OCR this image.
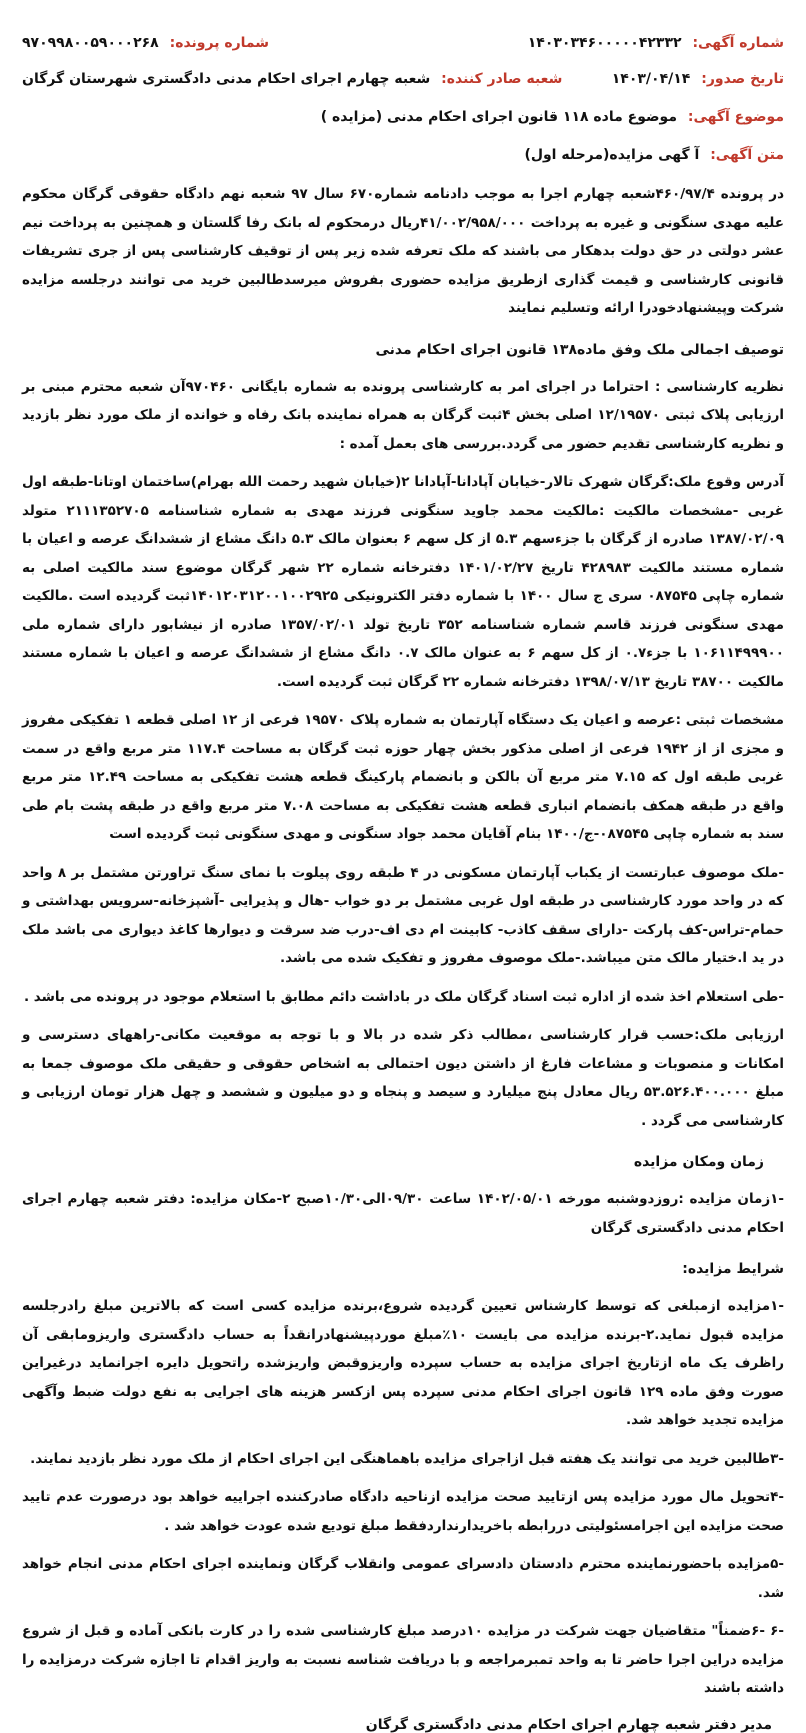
شماره آگهی: ۱۴۰۳۰۳۴۶۰۰۰۰۰۴۲۳۳۲
شماره پرونده: ۹۷۰۹۹۸۰۰۵۹۰۰۰۲۶۸
تاریخ صدور: ۱۴۰۳/۰۴/۱۴
شعبه صادر کننده: شعبه چهارم اجرای احکام مدنی دادگستری شهرستان گرگان
موضوع آگهی: موضوع ماده ۱۱۸ قانون اجرای احکام مدنی (مزایده )
متن آگهی: آ گهی مزایده(مرحله اول)

در پرونده ۴۶۰/۹۷/۴شعبه چهارم اجرا به موجب دادنامه شماره۶۷۰ سال ۹۷ شعبه نهم دادگاه حقوقی گرگان محکوم علیه مهدی سنگونی و غیره به پرداخت ۴۱/۰۰۲/۹۵۸/۰۰۰ریال درمحکوم له بانک رفا گلستان و همچنین به پرداخت نیم عشر دولتی در حق دولت بدهکار می باشند که ملک تعرفه شده زیر پس از توقیف کارشناسی پس از جری تشریفات قانونی کارشناسی و قیمت گذاری ازطریق مزایده حضوری بفروش میرسدطالبین خرید می توانند درجلسه مزایده شرکت وپیشنهادخودرا ارائه وتسلیم نمایند

توصیف اجمالی ملک وفق ماده۱۳۸ قانون اجرای احکام مدنی

نظریه کارشناسی : احتراما در اجرای امر به کارشناسی پرونده به شماره بایگانی ۹۷۰۴۶۰آن شعبه محترم مبنی بر ارزیابی پلاک ثبتی ۱۲/۱۹۵۷۰ اصلی بخش ۴ثبت گرگان به همراه نماینده بانک رفاه و خوانده از ملک مورد نظر بازدید و نظریه کارشناسی تقدیم حضور می گردد.بررسی های بعمل آمده :

آدرس وقوع ملک:گرگان شهرک تالار-خیابان آپادانا-آپادانا ۲(خیابان شهید رحمت الله بهرام)ساختمان اوتانا-طبقه اول غربی -مشخصات مالکیت :مالکیت محمد جاوید سنگونی فرزند مهدی به شماره شناسنامه ۲۱۱۱۳۵۲۷۰۵ متولد ۱۳۸۷/۰۲/۰۹ صادره از گرگان با جزءسهم ۵.۳ از کل سهم ۶ بعنوان مالک ۵.۳ دانگ مشاع از ششدانگ عرصه و اعیان با شماره مستند مالکیت ۴۲۸۹۸۳ تاریخ ۱۴۰۱/۰۲/۲۷ دفترخانه شماره ۲۲ شهر گرگان موضوع سند مالکیت اصلی به شماره چاپی ۰۸۷۵۴۵ سری ج سال ۱۴۰۰ با شماره دفتر الکترونیکی ۱۴۰۱۲۰۳۱۲۰۰۱۰۰۲۹۲۵ثبت گردیده است .مالکیت مهدی سنگونی فرزند قاسم شماره شناسنامه ۳۵۲ تاریخ تولد ۱۳۵۷/۰۲/۰۱ صادره از نیشابور دارای شماره ملی ۱۰۶۱۱۴۹۹۹۰۰ با جزء۰.۷ از کل سهم ۶ به عنوان مالک ۰.۷ دانگ مشاع از ششدانگ عرصه و اعیان با شماره مستند مالکیت ۳۸۷۰۰ تاریخ ۱۳۹۸/۰۷/۱۳ دفترخانه شماره ۲۲ گرگان ثبت گردیده است.

مشخصات ثبتی :عرصه و اعیان یک دستگاه آپارتمان به شماره پلاک ۱۹۵۷۰ فرعی از ۱۲ اصلی قطعه ۱ تفکیکی مفروز و مجزی از از ۱۹۴۲ فرعی از اصلی مذکور بخش چهار حوزه ثبت گرگان به مساحت ۱۱۷.۴ متر مربع واقع در سمت غربی طبقه اول که ۷.۱۵ متر مربع آن بالکن و بانضمام پارکینگ قطعه هشت تفکیکی به مساحت ۱۲.۴۹ متر مربع واقع در طبقه همکف بانضمام انباری قطعه هشت تفکیکی به مساحت ۷.۰۸ متر مربع واقع در طبقه پشت بام طی سند به شماره چاپی ۰۸۷۵۴۵-ج/۱۴۰۰ بنام آقایان محمد جواد سنگونی و مهدی سنگونی ثبت گردیده است

-ملک موصوف عبارتست از یکباب آپارتمان مسکونی در ۴ طبقه روی پیلوت با نمای سنگ تراورتن مشتمل بر ۸ واحد که در واحد مورد کارشناسی در طبقه اول غربی مشتمل بر دو خواب -هال و پذیرایی -آشپزخانه-سرویس بهداشتی و حمام-تراس-کف پارکت -دارای سقف کاذب- کابینت ام دی اف-درب ضد سرقت و دیوارها کاغذ دیواری می باشد ملک در ید ا.ختیار مالک متن میباشد.-ملک موصوف مفروز و تفکیک شده می باشد.

-طی استعلام اخذ شده از اداره ثبت اسناد گرگان ملک در باداشت دائم مطابق با استعلام موجود در پرونده می باشد .

ارزیابی ملک:حسب قرار کارشناسی ،مطالب ذکر شده در بالا و با توجه به موقعیت مکانی-راههای دسترسی و امکانات و منصوبات و مشاعات فارغ از داشتن دیون احتمالی به اشخاص حقوقی و حقیقی ملک موصوف جمعا به مبلغ ۵۳.۵۲۶.۴۰۰.۰۰۰ ریال معادل پنج میلیارد و سیصد و پنجاه و دو میلیون و ششصد و چهل هزار تومان ارزیابی و کارشناسی می گردد .

زمان ومکان مزایده

-۱زمان مزایده :روزدوشنبه مورخه ۱۴۰۲/۰۵/۰۱ ساعت ۰۹/۳۰الی۱۰/۳۰صبح ۲-مکان مزایده: دفتر شعبه چهارم اجرای احکام مدنی دادگستری گرگان

شرایط مزایده:

-۱مزایده ازمبلغی که توسط کارشناس تعیین گردیده شروع،برنده مزایده کسی است که بالاترین مبلغ رادرجلسه مزایده قبول نماید.۲-برنده مزایده می بایست ۱۰٪مبلغ موردپیشنهادرانقداً به حساب دادگستری واریزومابقی آن راظرف یک ماه ازتاریخ اجرای مزایده به حساب سپرده واریزوقبض واریزشده راتحویل دایره اجرانماید درغیراین صورت وفق ماده ۱۲۹ قانون اجرای احکام مدنی سپرده پس ازکسر هزینه های اجرایی به نفع دولت ضبط وآگهی مزایده تجدید خواهد شد.

-۳طالبین خرید می توانند یک هفته قبل ازاجرای مزایده باهماهنگی این اجرای احکام از ملک مورد نظر بازدید نمایند.

-۴تحویل مال مورد مزایده پس ازتایید صحت مزایده ازناحیه دادگاه صادرکننده اجراییه خواهد بود درصورت عدم تایید صحت مزایده این اجرامسئولیتی دررابطه باخریدارنداردفقط مبلغ تودیع شده عودت خواهد شد .

-۵مزایده باحضورنماینده محترم دادستان دادسرای عمومی وانقلاب گرگان ونماینده اجرای احکام مدنی انجام خواهد شد.

-۶ -۶ضمناً" متقاضیان جهت شرکت در مزایده ۱۰درصد مبلغ کارشناسی شده را در کارت بانکی آماده و قبل از شروع مزایده دراین اجرا حاضر تا به واحد تمبرمراجعه و با دریافت شناسه نسبت به واریز اقدام تا اجازه شرکت درمزایده را داشته باشند

مدیر دفتر شعبه چهارم اجرای احکام مدنی دادگستری گرگان
